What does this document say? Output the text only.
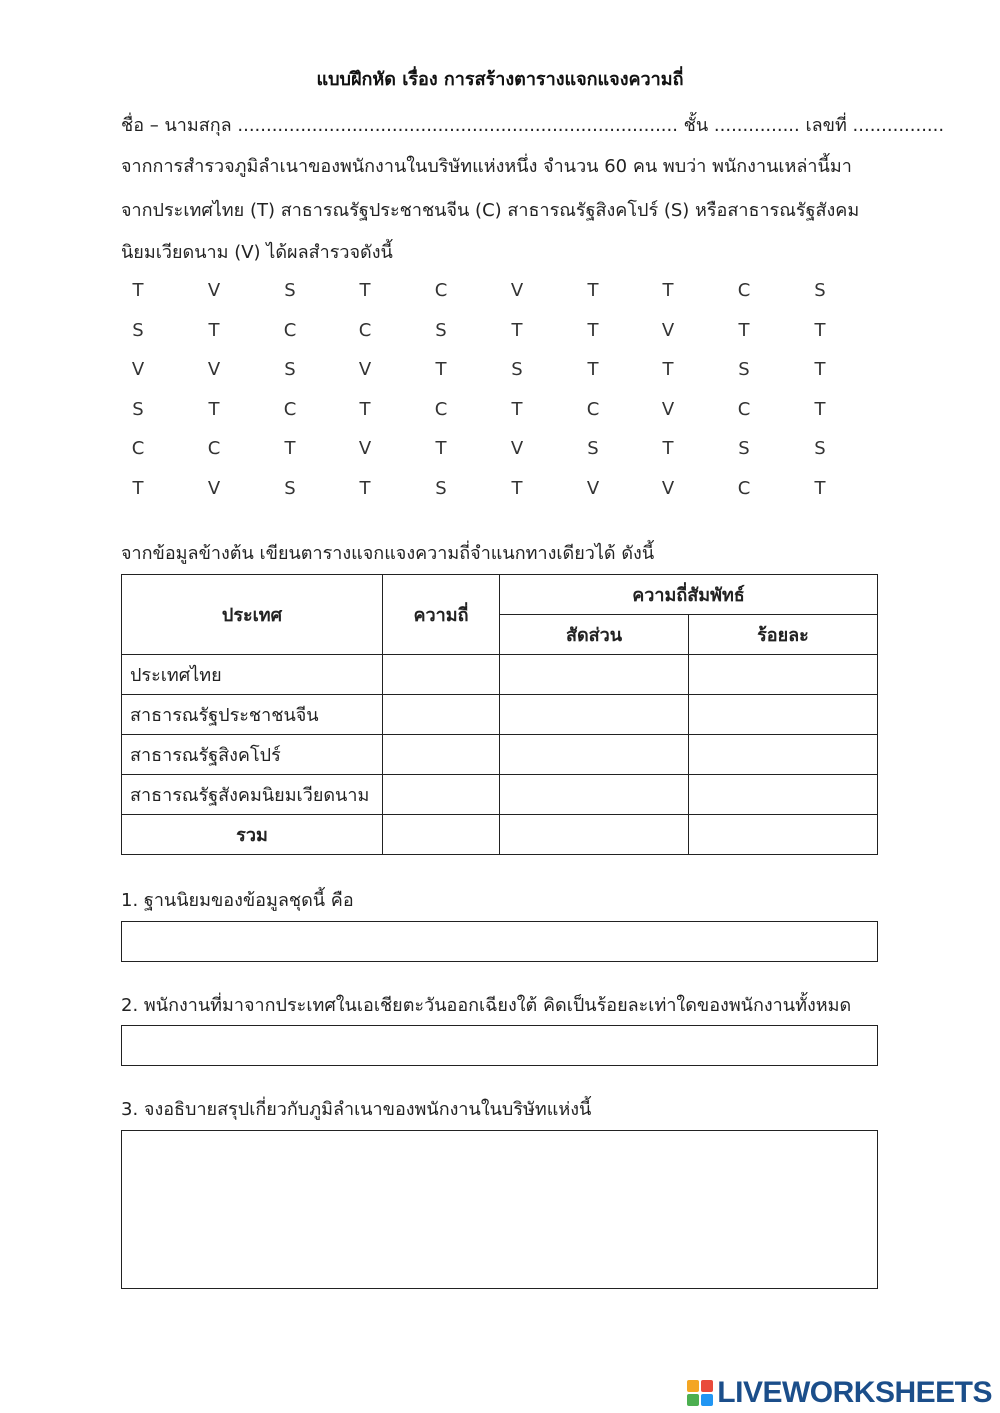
แบบฝึกหัด เรื่อง การสร้างตารางแจกแจงความถี่
ชื่อ – นามสกุล ............................................................................. ชั้น ............... เลขที่ ................
จากการสำรวจภูมิลำเนาของพนักงานในบริษัทแห่งหนึ่ง จำนวน 60 คน พบว่า พนักงานเหล่านี้มา
จากประเทศไทย (T) สาธารณรัฐประชาชนจีน (C) สาธารณรัฐสิงคโปร์ (S) หรือสาธารณรัฐสังคม
นิยมเวียดนาม (V) ได้ผลสำรวจดังนี้
T	V	S	T	C	V	T	T	C	S
S	T	C	C	S	T	T	V	T	T
V	V	S	V	T	S	T	T	S	T
S	T	C	T	C	T	C	V	C	T
C	C	T	V	T	V	S	T	S	S
T	V	S	T	S	T	V	V	C	T
จากข้อมูลข้างต้น เขียนตารางแจกแจงความถี่จำแนกทางเดียวได้ ดังนี้
ประเทศ	ความถี่	ความถี่สัมพัทธ์	
		สัดส่วน	ร้อยละ
ประเทศไทย			
สาธารณรัฐประชาชนจีน			
สาธารณรัฐสิงคโปร์			
สาธารณรัฐสังคมนิยมเวียดนาม			
รวม			
1. ฐานนิยมของข้อมูลชุดนี้ คือ
2. พนักงานที่มาจากประเทศในเอเชียตะวันออกเฉียงใต้ คิดเป็นร้อยละเท่าใดของพนักงานทั้งหมด
3. จงอธิบายสรุปเกี่ยวกับภูมิลำเนาของพนักงานในบริษัทแห่งนี้
LIVEWORKSHEETS
